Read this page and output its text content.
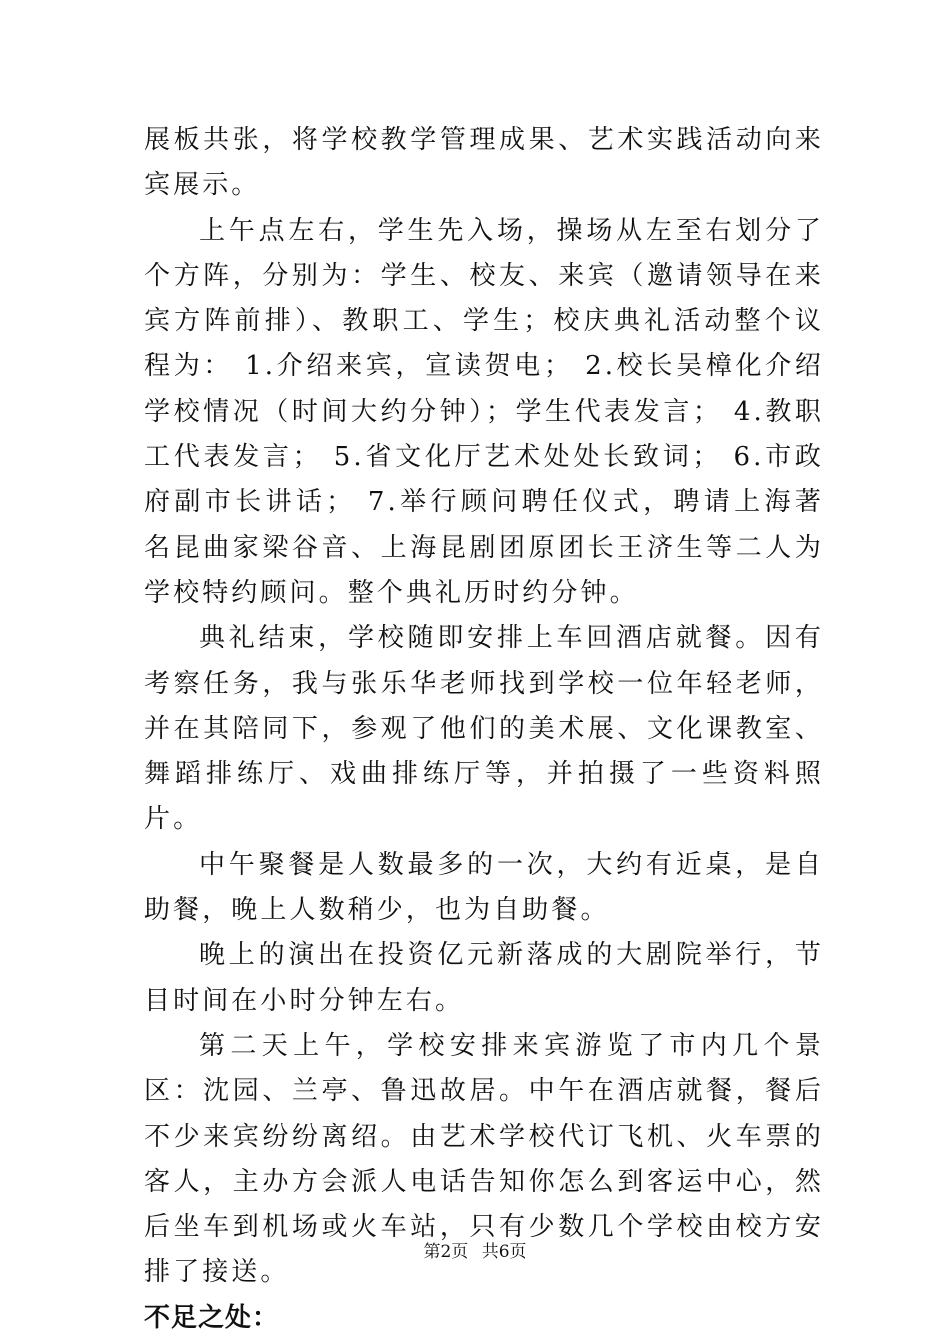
展板共张，将学校教学管理成果、艺术实践活动向来宾展示。

上午点左右，学生先入场，操场从左至右划分了个方阵，分别为：学生、校友、来宾（邀请领导在来宾方阵前排）、教职工、学生；校庆典礼活动整个议程为： 1.介绍来宾，宣读贺电； 2.校长吴樟化介绍学校情况（时间大约分钟）；学生代表发言； 4.教职工代表发言； 5.省文化厅艺术处处长致词； 6.市政府副市长讲话； 7.举行顾问聘任仪式，聘请上海著名昆曲家梁谷音、上海昆剧团原团长王济生等二人为学校特约顾问。整个典礼历时约分钟。

典礼结束，学校随即安排上车回酒店就餐。因有考察任务，我与张乐华老师找到学校一位年轻老师，并在其陪同下，参观了他们的美术展、文化课教室、舞蹈排练厅、戏曲排练厅等，并拍摄了一些资料照片。

中午聚餐是人数最多的一次，大约有近桌，是自助餐，晚上人数稍少，也为自助餐。

晚上的演出在投资亿元新落成的大剧院举行，节目时间在小时分钟左右。

第二天上午，学校安排来宾游览了市内几个景区：沈园、兰亭、鲁迅故居。中午在酒店就餐，餐后不少来宾纷纷离绍。由艺术学校代订飞机、火车票的客人，主办方会派人电话告知你怎么到客运中心，然后坐车到机场或火车站，只有少数几个学校由校方安排了接送。

不足之处：

第2页 共6页
